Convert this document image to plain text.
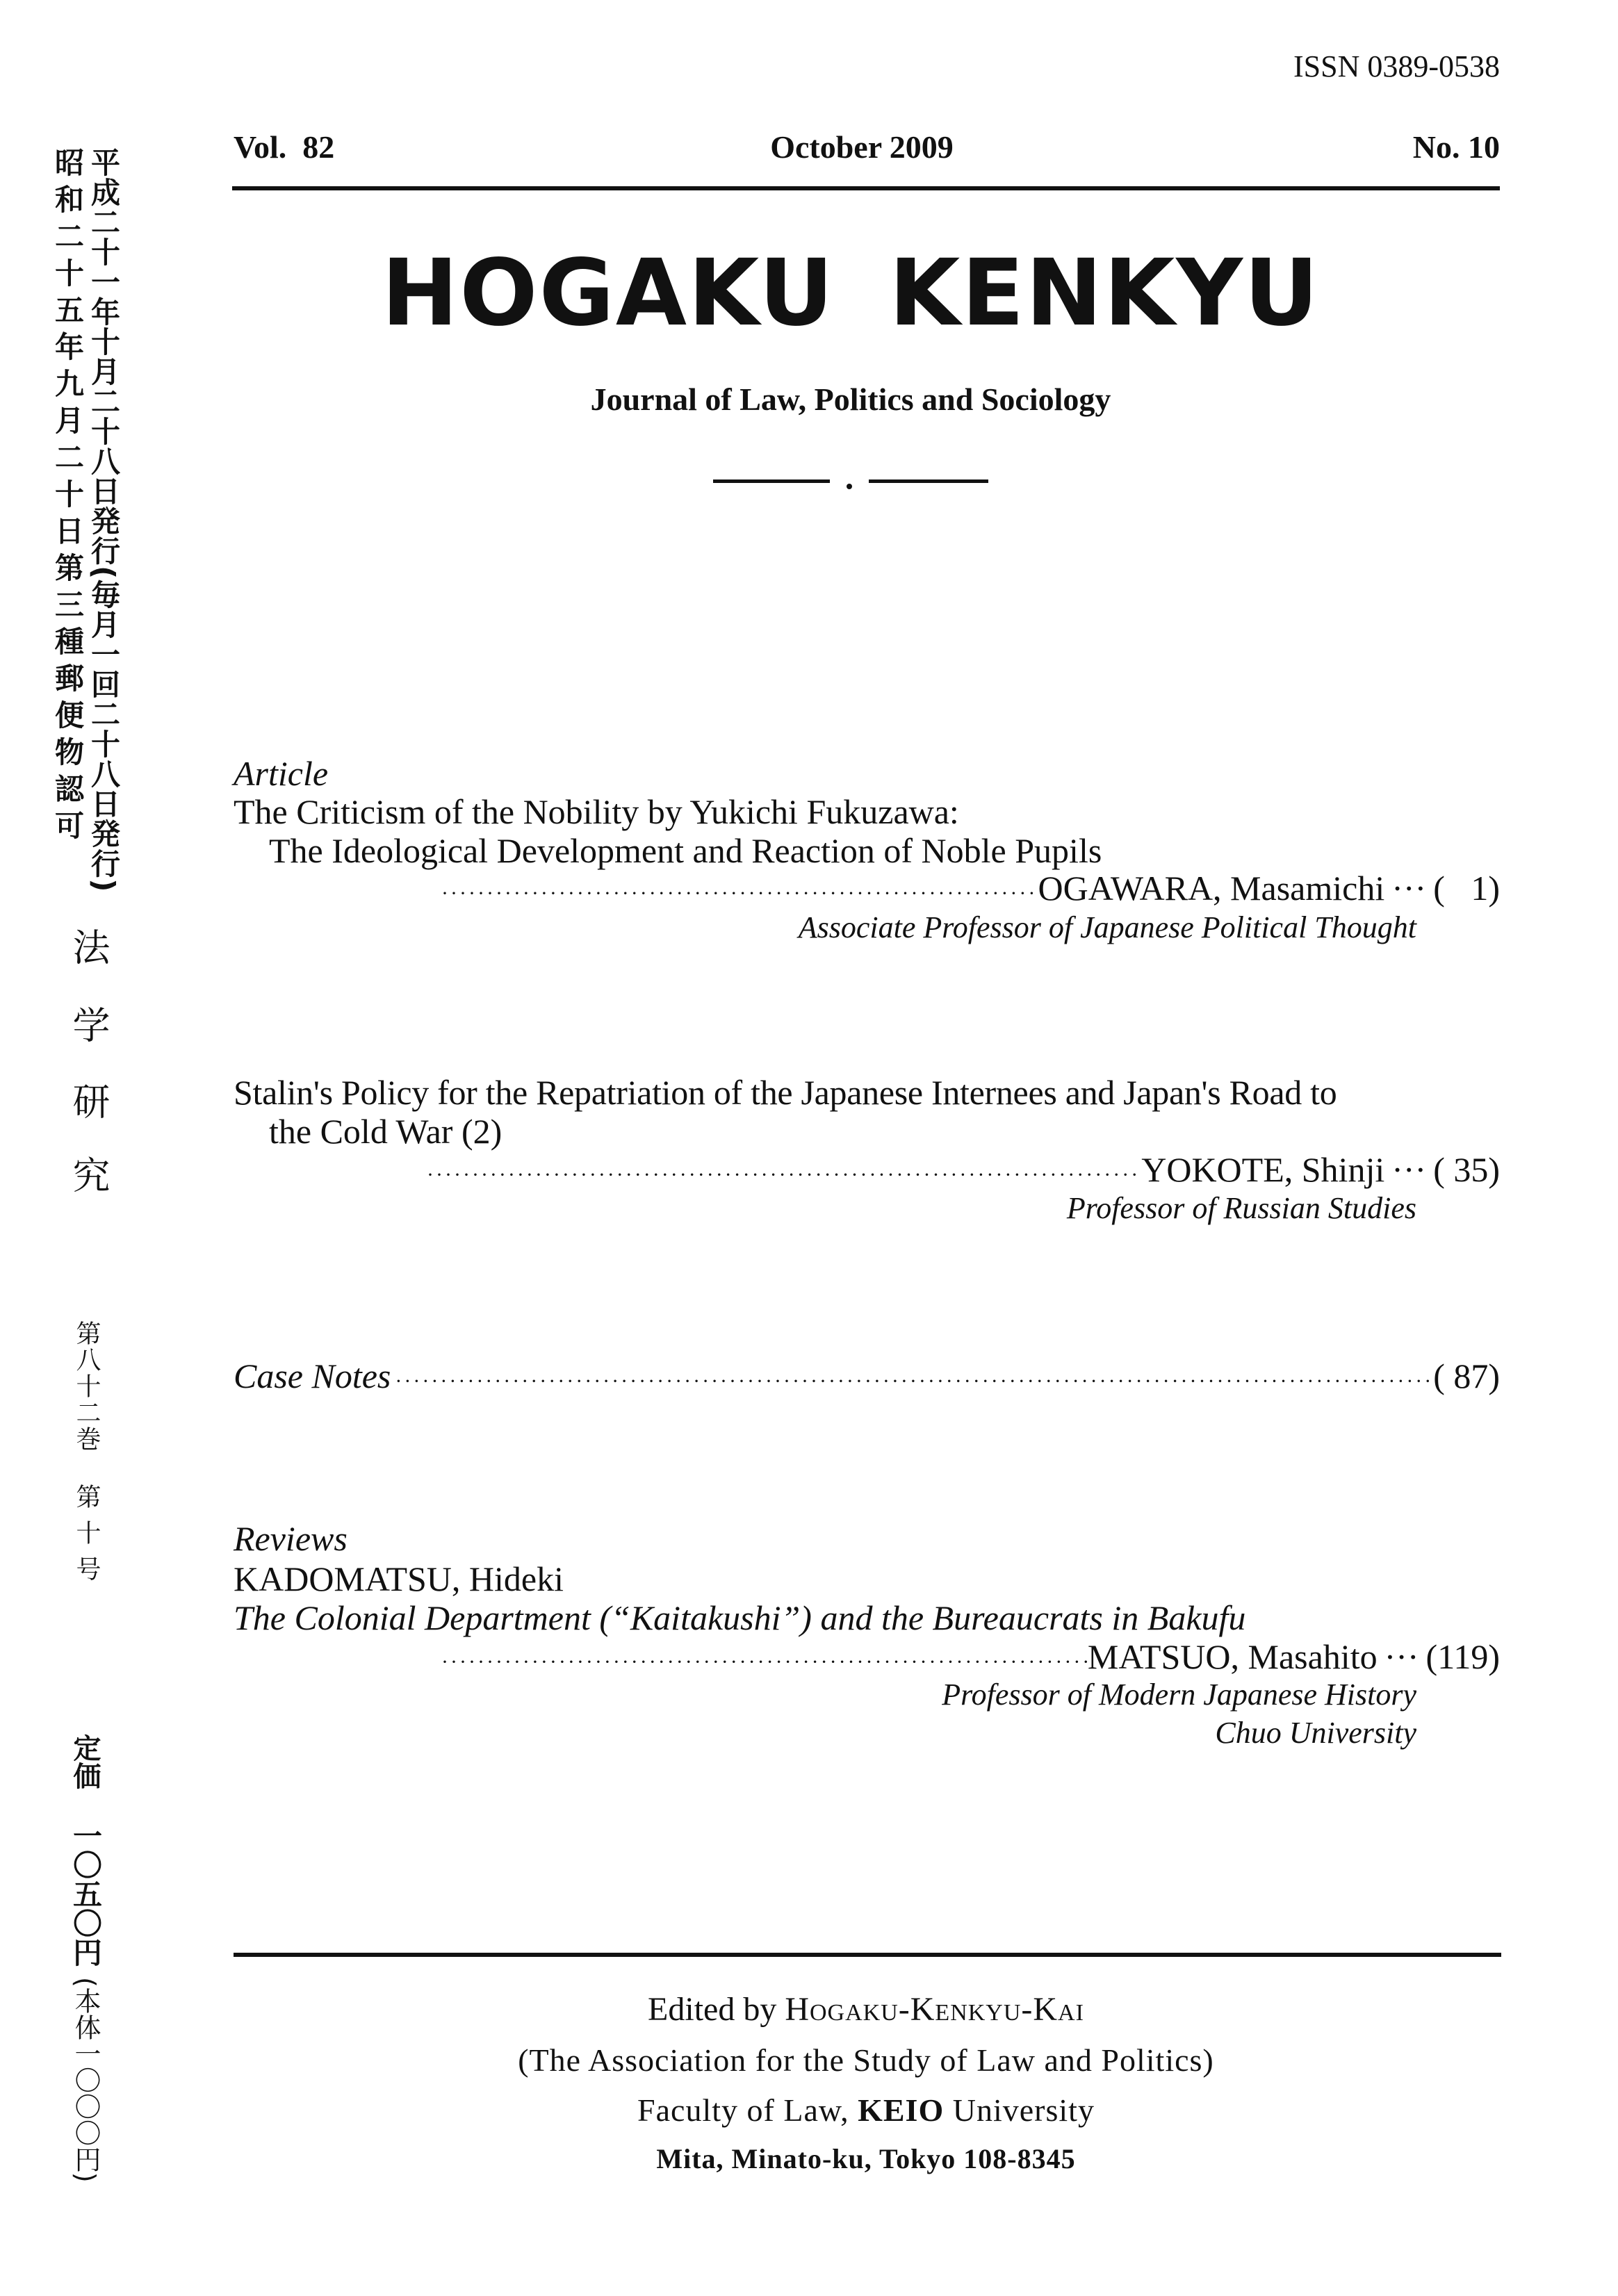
平成二十一年十月二十八日発行(毎月一回二十八日発行)
昭和二十五年九月二十日第三種郵便物認可
法
学
研
究
第八十二巻
第十号
定価
一〇五〇円
(本体一〇〇〇円)
ISSN 0389-0538
Vol.  82	October 2009	No. 10
HOGAKU KENKYU
Journal of Law, Politics and Sociology
Article
The Criticism of the Nobility by Yukichi Fukuzawa:
The Ideological Development and Reaction of Noble Pupils
·····
OGAWARA, Masamichi ··· (   1)
Associate Professor of Japanese Political Thought
Stalin's Policy for the Repatriation of the Japanese Internees and Japan's Road to
the Cold War (2)
·····
YOKOTE, Shinji ··· ( 35)
Professor of Russian Studies
Case Notes ·····	( 87)
Reviews
KADOMATSU, Hideki
The Colonial Department (“Kaitakushi”) and the Bureaucrats in Bakufu
·····
MATSUO, Masahito ··· (119)
Professor of Modern Japanese History
Chuo University
Edited by Hogaku-Kenkyu-Kai
(The Association for the Study of Law and Politics)
Faculty of Law, KEIO University
Mita, Minato-ku, Tokyo 108-8345
